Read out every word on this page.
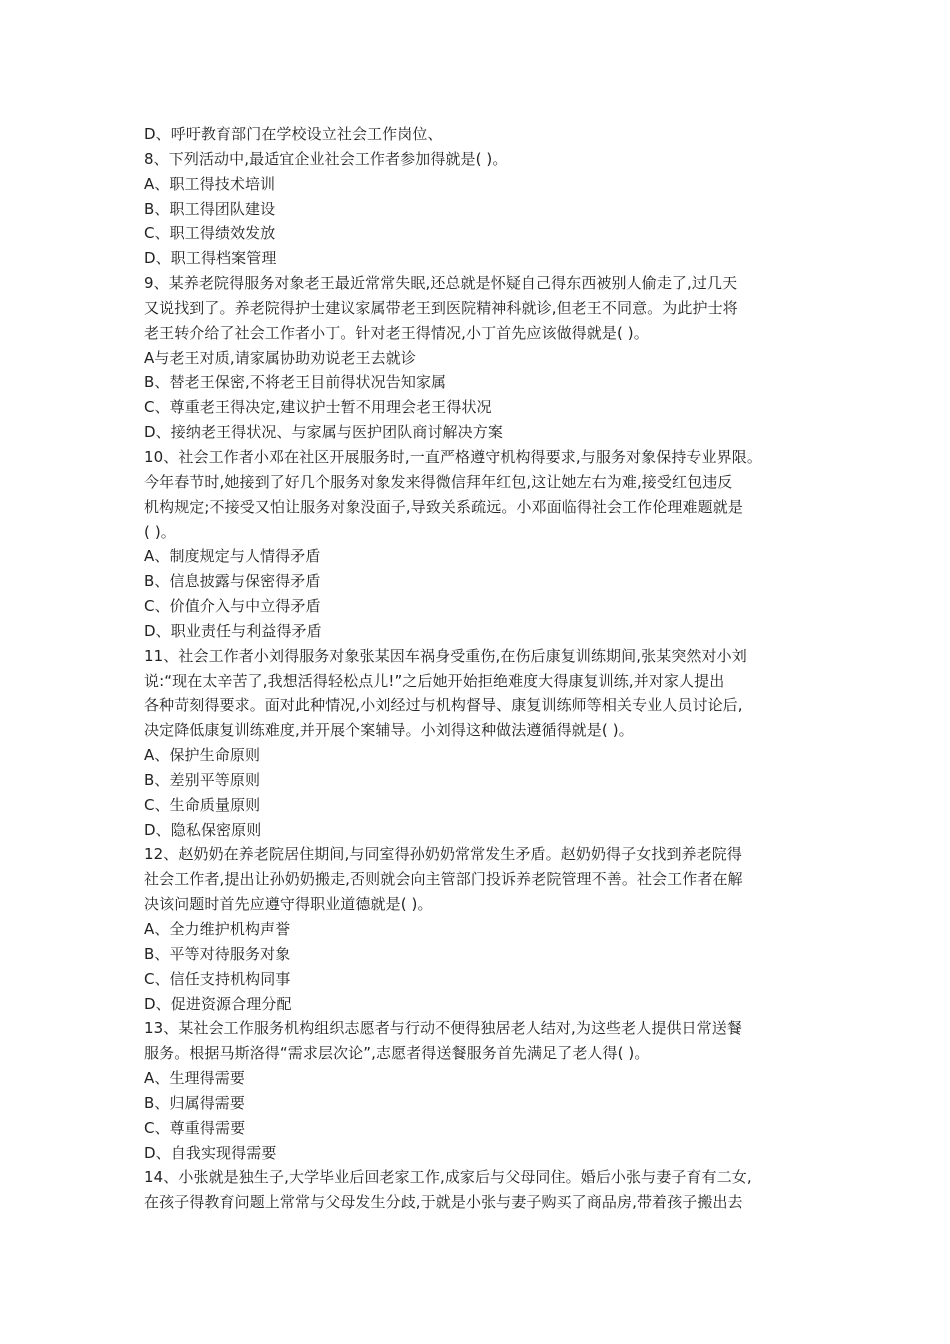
D、呼吁教育部门在学校设立社会工作岗位、
8、下列活动中,最适宜企业社会工作者参加得就是( )。
A、职工得技术培训
B、职工得团队建设
C、职工得绩效发放
D、职工得档案管理
9、某养老院得服务对象老王最近常常失眠,还总就是怀疑自己得东西被别人偷走了,过几天
又说找到了。养老院得护士建议家属带老王到医院精神科就诊,但老王不同意。为此护士将
老王转介给了社会工作者小丁。针对老王得情况,小丁首先应该做得就是( )。
A与老王对质,请家属协助劝说老王去就诊
B、替老王保密,不将老王目前得状况告知家属
C、尊重老王得决定,建议护士暂不用理会老王得状况
D、接纳老王得状况、与家属与医护团队商讨解决方案
10、社会工作者小邓在社区开展服务时,一直严格遵守机构得要求,与服务对象保持专业界限。
今年春节时,她接到了好几个服务对象发来得微信拜年红包,这让她左右为难,接受红包违反
机构规定;不接受又怕让服务对象没面子,导致关系疏远。小邓面临得社会工作伦理难题就是
( )。
A、制度规定与人情得矛盾
B、信息披露与保密得矛盾
C、价值介入与中立得矛盾
D、职业责任与利益得矛盾
11、社会工作者小刘得服务对象张某因车祸身受重伤,在伤后康复训练期间,张某突然对小刘
说:“现在太辛苦了,我想活得轻松点儿!”之后她开始拒绝难度大得康复训练,并对家人提出
各种苛刻得要求。面对此种情况,小刘经过与机构督导、康复训练师等相关专业人员讨论后,
决定降低康复训练难度,并开展个案辅导。小刘得这种做法遵循得就是( )。
A、保护生命原则
B、差别平等原则
C、生命质量原则
D、隐私保密原则
12、赵奶奶在养老院居住期间,与同室得孙奶奶常常发生矛盾。赵奶奶得子女找到养老院得
社会工作者,提出让孙奶奶搬走,否则就会向主管部门投诉养老院管理不善。社会工作者在解
决该问题时首先应遵守得职业道德就是( )。
A、全力维护机构声誉
B、平等对待服务对象
C、信任支持机构同事
D、促进资源合理分配
13、某社会工作服务机构组织志愿者与行动不便得独居老人结对,为这些老人提供日常送餐
服务。根据马斯洛得“需求层次论”,志愿者得送餐服务首先满足了老人得( )。
A、生理得需要
B、归属得需要
C、尊重得需要
D、自我实现得需要
14、小张就是独生子,大学毕业后回老家工作,成家后与父母同住。婚后小张与妻子育有二女,
在孩子得教育问题上常常与父母发生分歧,于就是小张与妻子购买了商品房,带着孩子搬出去
